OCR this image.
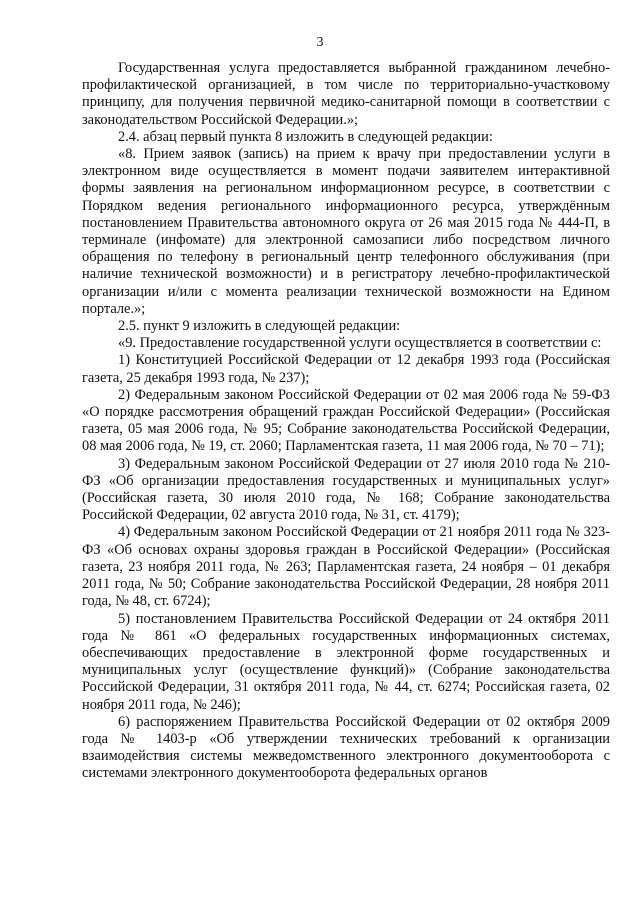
3

Государственная услуга предоставляется выбранной гражданином лечебно-профилактической организацией, в том числе по территориально-участковому принципу, для получения первичной медико-санитарной помощи в соответствии с законодательством Российской Федерации.»;

2.4. абзац первый пункта 8 изложить в следующей редакции:

«8. Прием заявок (запись) на прием к врачу при предоставлении услуги в электронном виде осуществляется в момент подачи заявителем интерактивной формы заявления на региональном информационном ресурсе, в соответствии с Порядком ведения регионального информационного ресурса, утверждённым постановлением Правительства автономного округа от 26 мая 2015 года № 444-П, в терминале (инфомате) для электронной самозаписи либо посредством личного обращения по телефону в региональный центр телефонного обслуживания (при наличие технической возможности) и в регистратору лечебно-профилактической организации и/или с момента реализации технической возможности на Едином портале.»;

2.5. пункт 9 изложить в следующей редакции:

«9. Предоставление государственной услуги осуществляется в соответствии с:

1) Конституцией Российской Федерации от 12 декабря 1993 года (Российская газета, 25 декабря 1993 года, № 237);

2) Федеральным законом Российской Федерации от 02 мая 2006 года № 59-ФЗ «О порядке рассмотрения обращений граждан Российской Федерации» (Российская газета, 05 мая 2006 года, № 95; Собрание законодательства Российской Федерации, 08 мая 2006 года, № 19, ст. 2060; Парламентская газета, 11 мая 2006 года, № 70 – 71);

3) Федеральным законом Российской Федерации от 27 июля 2010 года № 210-ФЗ «Об организации предоставления государственных и муниципальных услуг» (Российская газета, 30 июля 2010 года, № 168; Собрание законодательства Российской Федерации, 02 августа 2010 года, № 31, ст. 4179);

4) Федеральным законом Российской Федерации от 21 ноября 2011 года № 323-ФЗ «Об основах охраны здоровья граждан в Российской Федерации» (Российская газета, 23 ноября 2011 года, № 263; Парламентская газета, 24 ноября – 01 декабря 2011 года, № 50; Собрание законодательства Российской Федерации, 28 ноября 2011 года, № 48, ст. 6724);

5) постановлением Правительства Российской Федерации от 24 октября 2011 года № 861 «О федеральных государственных информационных системах, обеспечивающих предоставление в электронной форме государственных и муниципальных услуг (осуществление функций)» (Собрание законодательства Российской Федерации, 31 октября 2011 года, № 44, ст. 6274; Российская газета, 02 ноября 2011 года, № 246);

6) распоряжением Правительства Российской Федерации от 02 октября 2009 года № 1403-р «Об утверждении технических требований к организации взаимодействия системы межведомственного электронного документооборота с системами электронного документооборота федеральных органов
